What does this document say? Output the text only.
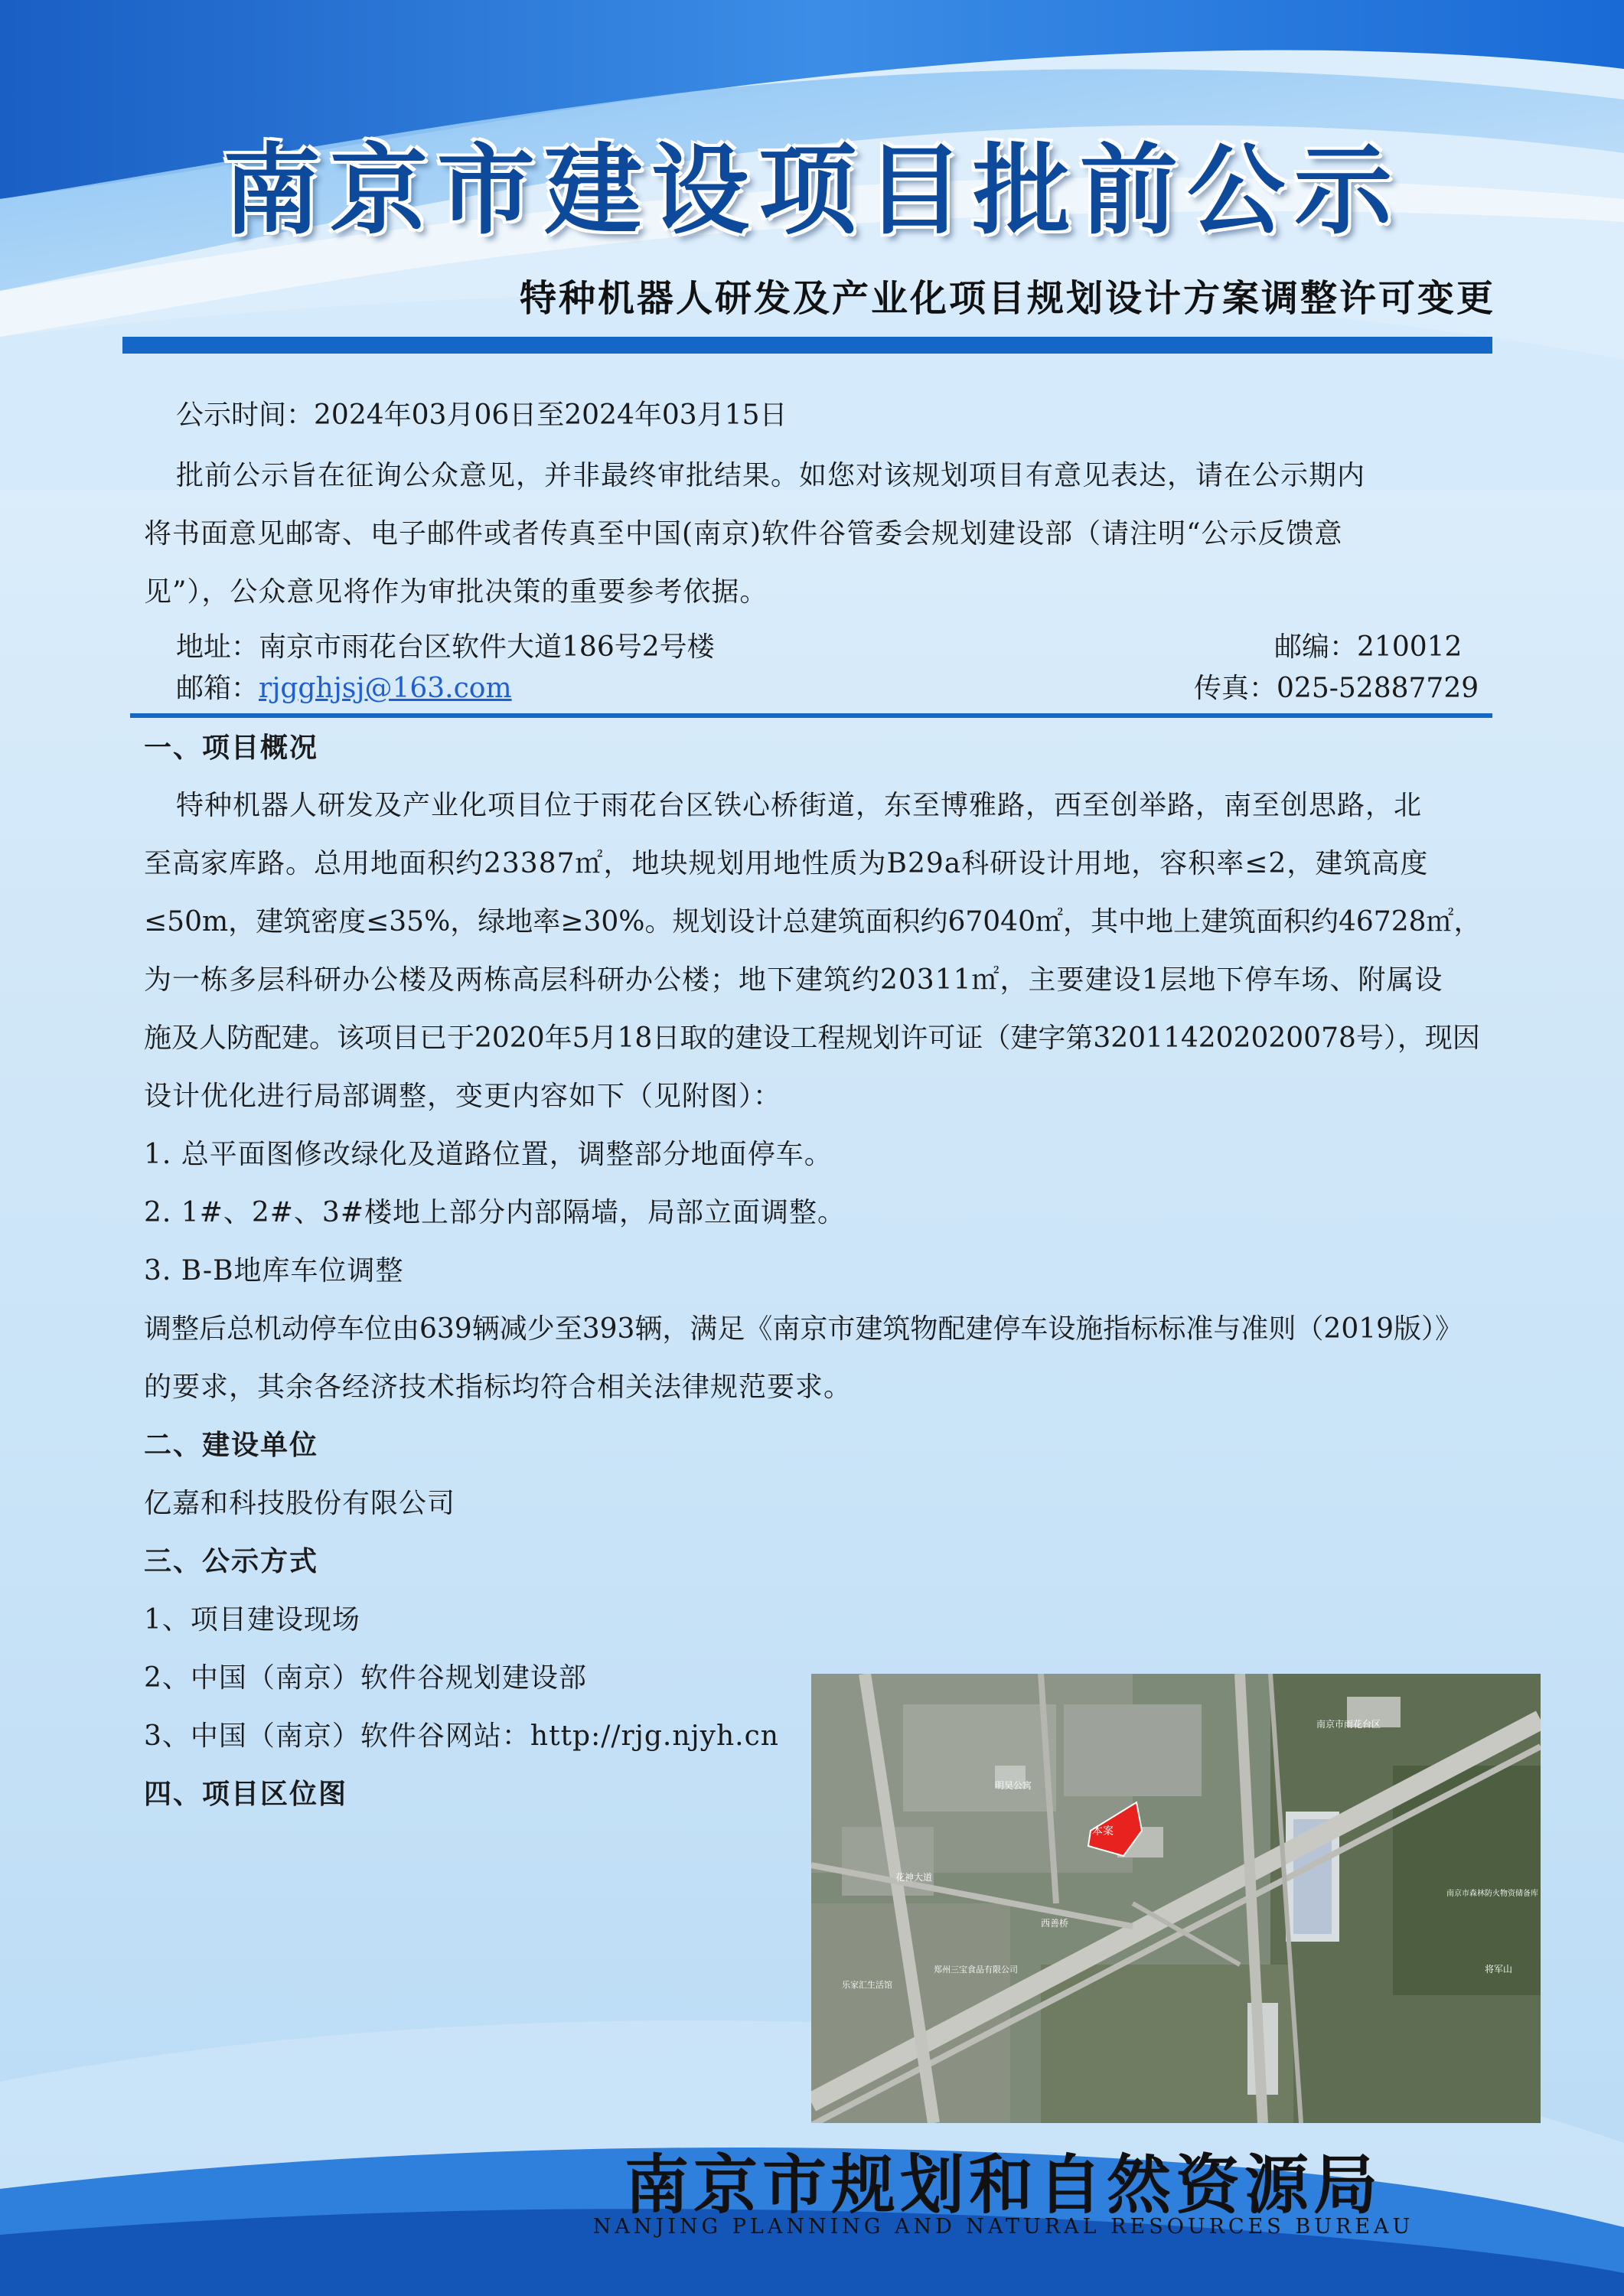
南京市建设项目批前公示
特种机器人研发及产业化项目规划设计方案调整许可变更
公示时间：2024年03月06日至2024年03月15日
批前公示旨在征询公众意见，并非最终审批结果。如您对该规划项目有意见表达，请在公示期内
将书面意见邮寄、电子邮件或者传真至中国(南京)软件谷管委会规划建设部（请注明“公示反馈意
见”），公众意见将作为审批决策的重要参考依据。
地址：南京市雨花台区软件大道186号2号楼	邮编：210012
邮箱：rjgghjsj@163.com	传真：025-52887729
一、项目概况
特种机器人研发及产业化项目位于雨花台区铁心桥街道，东至博雅路，西至创举路，南至创思路，北
至高家库路。总用地面积约23387㎡，地块规划用地性质为B29a科研设计用地，容积率≤2，建筑高度
≤50m，建筑密度≤35%，绿地率≥30%。规划设计总建筑面积约67040㎡，其中地上建筑面积约46728㎡，
为一栋多层科研办公楼及两栋高层科研办公楼；地下建筑约20311㎡，主要建设1层地下停车场、附属设
施及人防配建。该项目已于2020年5月18日取的建设工程规划许可证（建字第320114202020078号），现因
设计优化进行局部调整，变更内容如下（见附图）：
1. 总平面图修改绿化及道路位置，调整部分地面停车。
2. 1#、2#、3#楼地上部分内部隔墙，局部立面调整。
3. B-B地库车位调整
调整后总机动停车位由639辆减少至393辆，满足《南京市建筑物配建停车设施指标标准与准则（2019版）》
的要求，其余各经济技术指标均符合相关法律规范要求。
二、建设单位
亿嘉和科技股份有限公司
三、公示方式
1、项目建设现场
2、中国（南京）软件谷规划建设部
3、中国（南京）软件谷网站：http://rjg.njyh.cn
四、项目区位图
本案
明昊公寓
花神大道
南京市雨花台区
将军山
郑州三宝食品有限公司
乐家汇生活馆
南京市森林防火物资储备库
西善桥
南京市规划和自然资源局
NANJING PLANNING AND NATURAL RESOURCES BUREAU
